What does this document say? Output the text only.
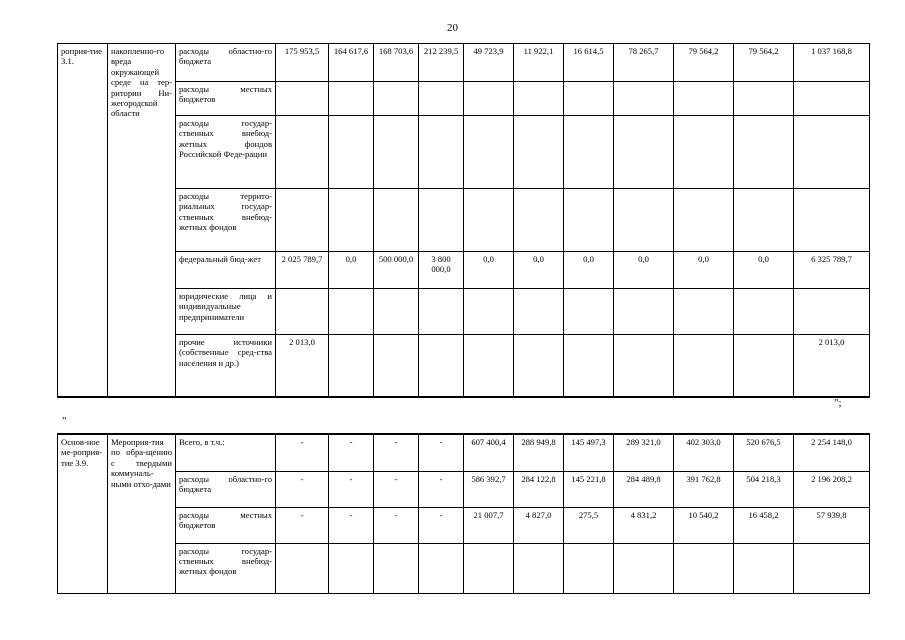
20
роприя-тие 3.1.	накопленно-го вреда окружающей среде на тер-ритории Ни-жегородской области	расходы областно-го бюджета	175 953,5	164 617,6	168 703,6	212 239,5	49 723,9	11 922,1	16 614,5	78 265,7	79 564,2	79 564,2	1 037 168,8
		расходы местных бюджетов											
		расходы государ-ственных внебюд-жетных фондов Российской Феде-рации											
		расходы террито-риальных государ-ственных внебюд-жетных фондов											
		федеральный бюд-жет	2 025 789,7	0,0	500 000,0	3 800 000,0	0,0	0,0	0,0	0,0	0,0	0,0	6 325 789,7
		юридические лица и индивидуальные предприниматели											
		прочие источники (собственные сред-ства населения и др.)	2 013,0										2 013,0
";
"
Основ-ное ме-роприя-тие 3.9.	Мероприя-тия по обра-щению с твердыми коммуналь-ными отхо-дами	Всего, в т.ч.:	-	-	-	-	607 400,4	288 949,8	145 497,3	289 321,0	402 303,0	520 676,5	2 254 148,0
		расходы областно-го бюджета	-	-	-	-	586 392,7	284 122,8	145 221,8	284 489,8	391 762,8	504 218,3	2 196 208,2
		расходы местных бюджетов	-	-	-	-	21 007,7	4 827,0	275,5	4 831,2	10 540,2	16 458,2	57 939,8
		расходы государ-ственных внебюд-жетных фондов											
